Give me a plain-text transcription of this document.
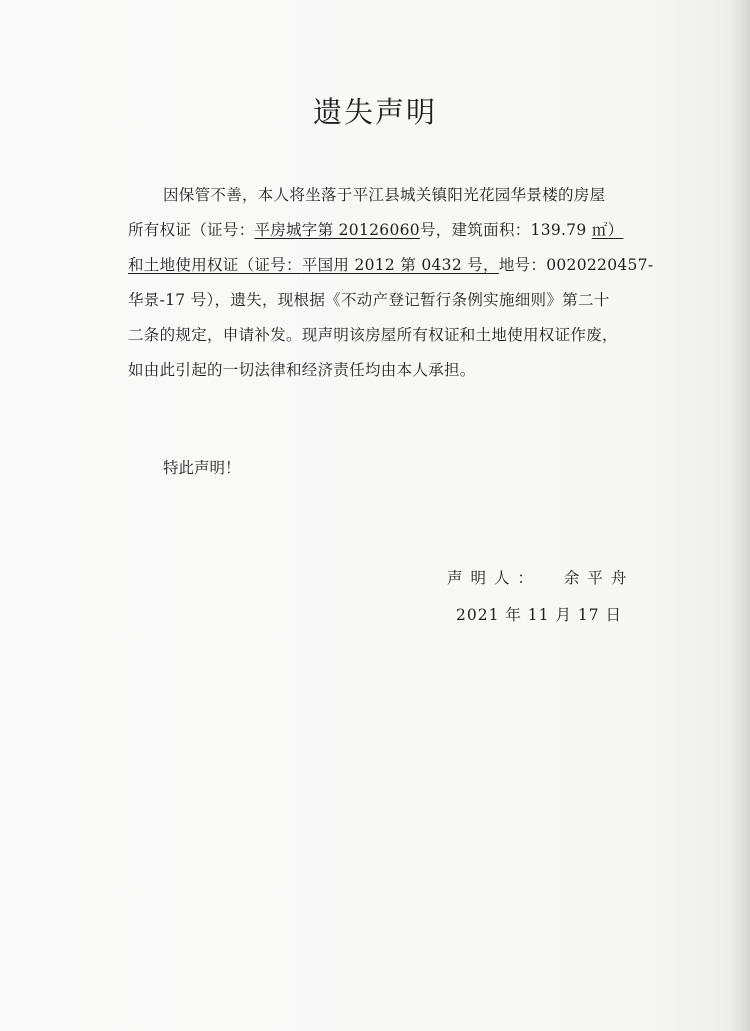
遗失声明
因保管不善，本人将坐落于平江县城关镇阳光花园华景楼的房屋
所有权证（证号：平房城字第 20126060号，建筑面积：139.79 ㎡）
和土地使用权证（证号：平国用 2012 第 0432 号，地号：0020220457-
华景-17 号），遗失，现根据《不动产登记暂行条例实施细则》第二十
二条的规定，申请补发。现声明该房屋所有权证和土地使用权证作废，
如由此引起的一切法律和经济责任均由本人承担。
特此声明！
声明人： 余平舟
2021 年 11 月 17 日
